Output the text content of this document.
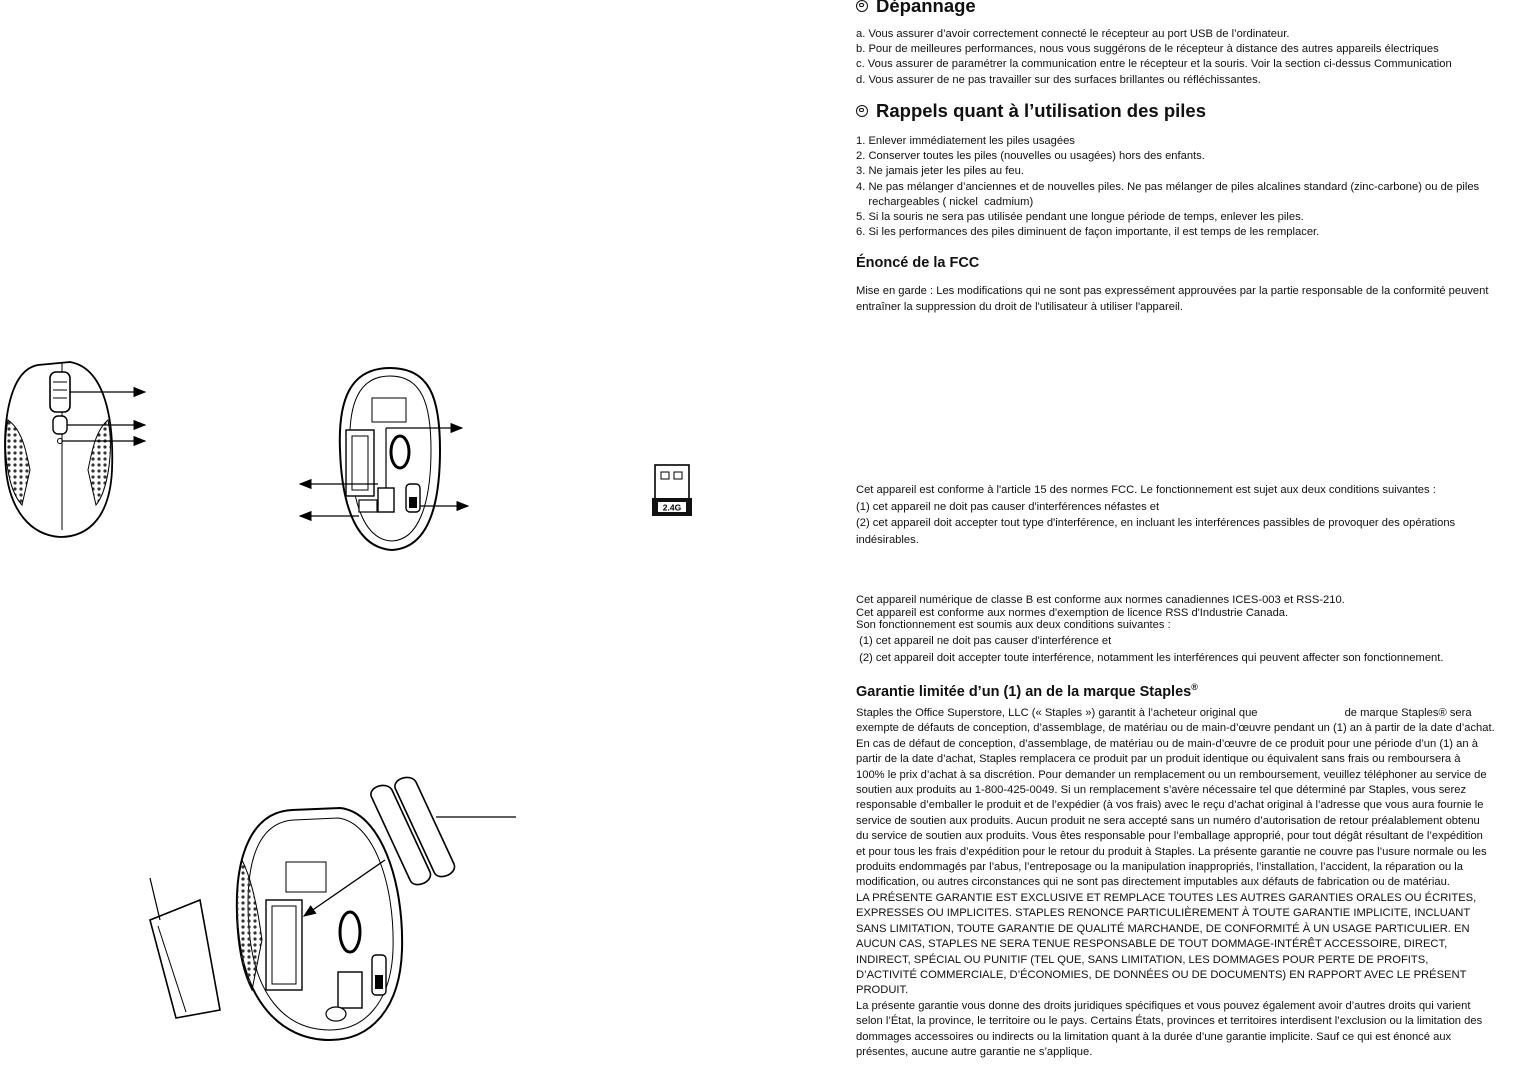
2.4G
Dépannage
a. Vous assurer d’avoir correctement connecté le récepteur au port USB de l’ordinateur.
b. Pour de meilleures performances, nous vous suggérons de le récepteur à distance des autres appareils électriques
c. Vous assurer de paramétrer la communication entre le récepteur et la souris. Voir la section ci-dessus Communication
d. Vous assurer de ne pas travailler sur des surfaces brillantes ou réfléchissantes.
Rappels quant à l’utilisation des piles
1. Enlever immédiatement les piles usagées
2. Conserver toutes les piles (nouvelles ou usagées) hors des enfants.
3. Ne jamais jeter les piles au feu.
4. Ne pas mélanger d’anciennes et de nouvelles piles. Ne pas mélanger de piles alcalines standard (zinc-carbone) ou de piles
rechargeables ( nickel  cadmium)
5. Si la souris ne sera pas utilisée pendant une longue période de temps, enlever les piles.
6. Si les performances des piles diminuent de façon importante, il est temps de les remplacer.
Énoncé de la FCC
Mise en garde : Les modifications qui ne sont pas expressément approuvées par la partie responsable de la conformité peuvent
entraîner la suppression du droit de l'utilisateur à utiliser l'appareil.
Cet appareil est conforme à l'article 15 des normes FCC. Le fonctionnement est sujet aux deux conditions suivantes :
(1) cet appareil ne doit pas causer d'interférences néfastes et
(2) cet appareil doit accepter tout type d'interférence, en incluant les interférences passibles de provoquer des opérations
indésirables.
Cet appareil numérique de classe B est conforme aux normes canadiennes ICES-003 et RSS-210.
Cet appareil est conforme aux normes d'exemption de licence RSS d'Industrie Canada.
Son fonctionnement est soumis aux deux conditions suivantes :
(1) cet appareil ne doit pas causer d'interférence et
(2) cet appareil doit accepter toute interférence, notamment les interférences qui peuvent affecter son fonctionnement.
Garantie limitée d’un (1) an de la marque Staples®
Staples the Office Superstore, LLC (« Staples ») garantit à l’acheteur original que                            de marque Staples® sera
exempte de défauts de conception, d’assemblage, de matériau ou de main-d’œuvre pendant un (1) an à partir de la date d’achat.
En cas de défaut de conception, d’assemblage, de matériau ou de main-d’œuvre de ce produit pour une période d’un (1) an à
partir de la date d’achat, Staples remplacera ce produit par un produit identique ou équivalent sans frais ou remboursera à
100% le prix d’achat à sa discrétion. Pour demander un remplacement ou un remboursement, veuillez téléphoner au service de
soutien aux produits au 1-800-425-0049. Si un remplacement s’avère nécessaire tel que déterminé par Staples, vous serez
responsable d’emballer le produit et de l’expédier (à vos frais) avec le reçu d’achat original à l’adresse que vous aura fournie le
service de soutien aux produits. Aucun produit ne sera accepté sans un numéro d’autorisation de retour préalablement obtenu
du service de soutien aux produits. Vous êtes responsable pour l’emballage approprié, pour tout dégât résultant de l’expédition
et pour tous les frais d’expédition pour le retour du produit à Staples. La présente garantie ne couvre pas l’usure normale ou les
produits endommagés par l’abus, l’entreposage ou la manipulation inappropriés, l’installation, l’accident, la réparation ou la
modification, ou autres circonstances qui ne sont pas directement imputables aux défauts de fabrication ou de matériau.
LA PRÉSENTE GARANTIE EST EXCLUSIVE ET REMPLACE TOUTES LES AUTRES GARANTIES ORALES OU ÉCRITES,
EXPRESSES OU IMPLICITES. STAPLES RENONCE PARTICULIÈREMENT À TOUTE GARANTIE IMPLICITE, INCLUANT
SANS LIMITATION, TOUTE GARANTIE DE QUALITÉ MARCHANDE, DE CONFORMITÉ À UN USAGE PARTICULIER. EN
AUCUN CAS, STAPLES NE SERA TENUE RESPONSABLE DE TOUT DOMMAGE-INTÉRÊT ACCESSOIRE, DIRECT,
INDIRECT, SPÉCIAL OU PUNITIF (TEL QUE, SANS LIMITATION, LES DOMMAGES POUR PERTE DE PROFITS,
D’ACTIVITÉ COMMERCIALE, D’ÉCONOMIES, DE DONNÉES OU DE DOCUMENTS) EN RAPPORT AVEC LE PRÉSENT
PRODUIT.
La présente garantie vous donne des droits juridiques spécifiques et vous pouvez également avoir d’autres droits qui varient
selon l’État, la province, le territoire ou le pays. Certains États, provinces et territoires interdisent l’exclusion ou la limitation des
dommages accessoires ou indirects ou la limitation quant à la durée d’une garantie implicite. Sauf ce qui est énoncé aux
présentes, aucune autre garantie ne s’applique.
